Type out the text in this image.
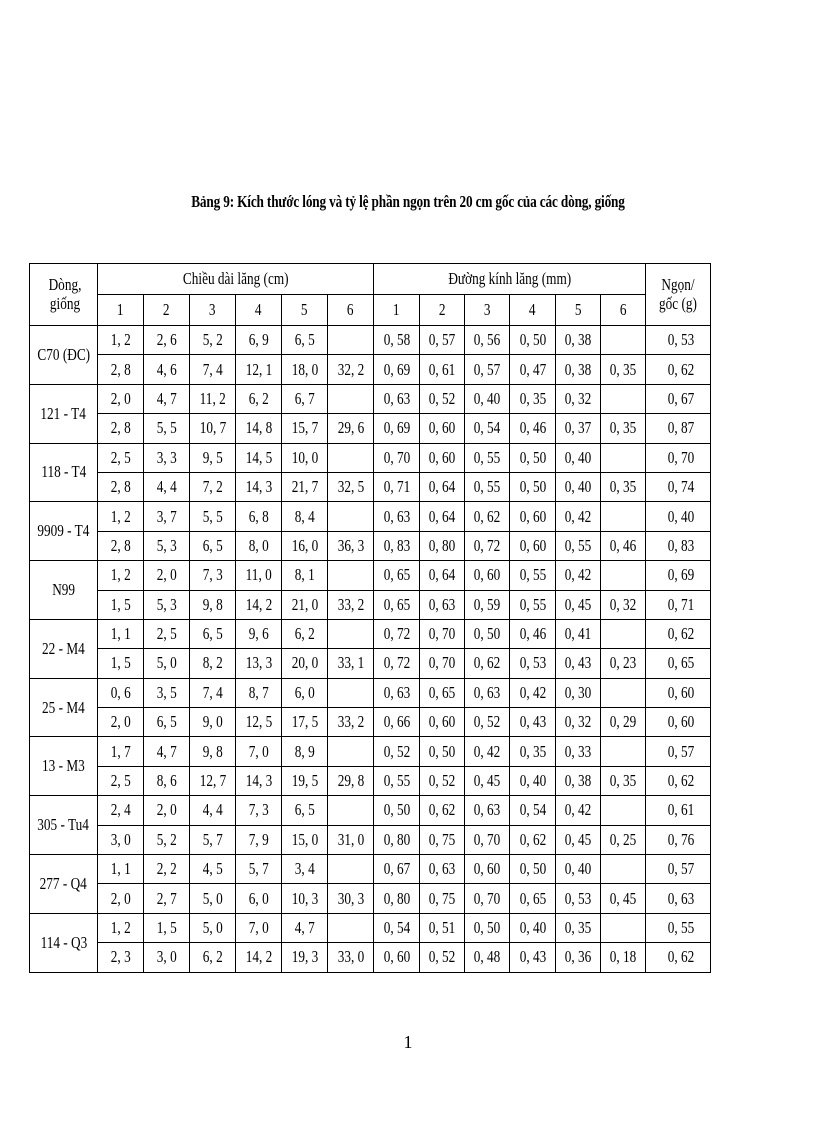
Bảng 9: Kích thước lóng và tỷ lệ phần ngọn trên 20 cm gốc của các dòng, giống
Dòng, giống	Chiều dài lăng (cm)						Đường kính lăng (mm)						Ngọn/ gốc (g)
	1	2	3	4	5	6	1	2	3	4	5	6	
C70 (ĐC)	1, 2	2, 6	5, 2	6, 9	6, 5		0, 58	0, 57	0, 56	0, 50	0, 38		0, 53
	2, 8	4, 6	7, 4	12, 1	18, 0	32, 2	0, 69	0, 61	0, 57	0, 47	0, 38	0, 35	0, 62
121 - T4	2, 0	4, 7	11, 2	6, 2	6, 7		0, 63	0, 52	0, 40	0, 35	0, 32		0, 67
	2, 8	5, 5	10, 7	14, 8	15, 7	29, 6	0, 69	0, 60	0, 54	0, 46	0, 37	0, 35	0, 87
118 - T4	2, 5	3, 3	9, 5	14, 5	10, 0		0, 70	0, 60	0, 55	0, 50	0, 40		0, 70
	2, 8	4, 4	7, 2	14, 3	21, 7	32, 5	0, 71	0, 64	0, 55	0, 50	0, 40	0, 35	0, 74
9909 - T4	1, 2	3, 7	5, 5	6, 8	8, 4		0, 63	0, 64	0, 62	0, 60	0, 42		0, 40
	2, 8	5, 3	6, 5	8, 0	16, 0	36, 3	0, 83	0, 80	0, 72	0, 60	0, 55	0, 46	0, 83
N99	1, 2	2, 0	7, 3	11, 0	8, 1		0, 65	0, 64	0, 60	0, 55	0, 42		0, 69
	1, 5	5, 3	9, 8	14, 2	21, 0	33, 2	0, 65	0, 63	0, 59	0, 55	0, 45	0, 32	0, 71
22 - M4	1, 1	2, 5	6, 5	9, 6	6, 2		0, 72	0, 70	0, 50	0, 46	0, 41		0, 62
	1, 5	5, 0	8, 2	13, 3	20, 0	33, 1	0, 72	0, 70	0, 62	0, 53	0, 43	0, 23	0, 65
25 - M4	0, 6	3, 5	7, 4	8, 7	6, 0		0, 63	0, 65	0, 63	0, 42	0, 30		0, 60
	2, 0	6, 5	9, 0	12, 5	17, 5	33, 2	0, 66	0, 60	0, 52	0, 43	0, 32	0, 29	0, 60
13 - M3	1, 7	4, 7	9, 8	7, 0	8, 9		0, 52	0, 50	0, 42	0, 35	0, 33		0, 57
	2, 5	8, 6	12, 7	14, 3	19, 5	29, 8	0, 55	0, 52	0, 45	0, 40	0, 38	0, 35	0, 62
305 - Tu4	2, 4	2, 0	4, 4	7, 3	6, 5		0, 50	0, 62	0, 63	0, 54	0, 42		0, 61
	3, 0	5, 2	5, 7	7, 9	15, 0	31, 0	0, 80	0, 75	0, 70	0, 62	0, 45	0, 25	0, 76
277 - Q4	1, 1	2, 2	4, 5	5, 7	3, 4		0, 67	0, 63	0, 60	0, 50	0, 40		0, 57
	2, 0	2, 7	5, 0	6, 0	10, 3	30, 3	0, 80	0, 75	0, 70	0, 65	0, 53	0, 45	0, 63
114 - Q3	1, 2	1, 5	5, 0	7, 0	4, 7		0, 54	0, 51	0, 50	0, 40	0, 35		0, 55
	2, 3	3, 0	6, 2	14, 2	19, 3	33, 0	0, 60	0, 52	0, 48	0, 43	0, 36	0, 18	0, 62
1
